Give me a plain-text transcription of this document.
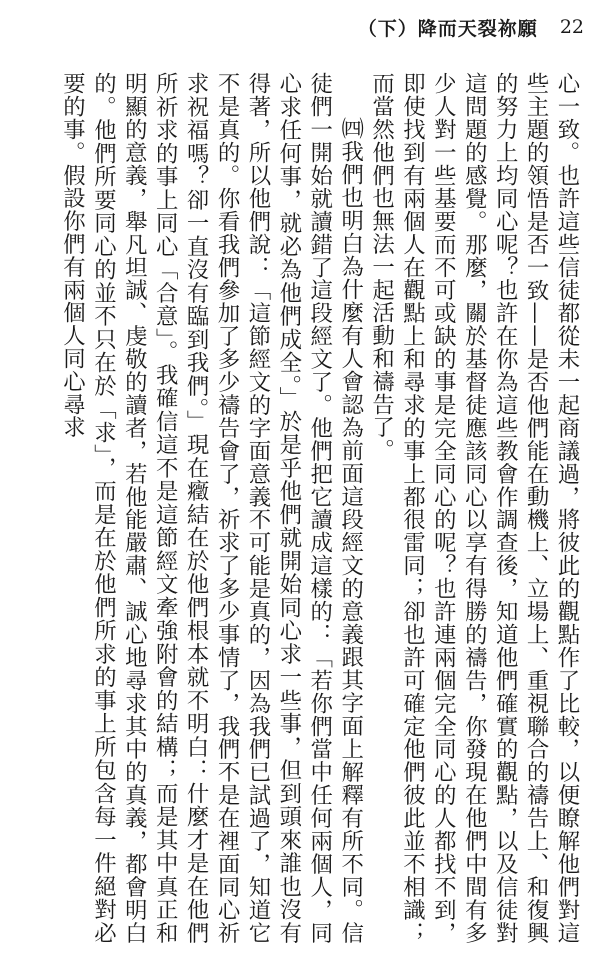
（下）降而天裂祢願 22

心一致。也許這些信徒都從未一起商議過，將彼此的觀點作了比較，以便瞭解他們對這些主題的領悟是否一致——是否他們能在動機上、立場上、重視聯合的禱告上、和復興的努力上均同心呢？也許在你為這些教會作調查後，知道他們確實的觀點，以及信徒對這問題的感覺。那麼，關於基督徒應該同心以享有得勝的禱告，你發現在他們中間有多少人對一些基要而不可或缺的事是完全同心的呢？也許連兩個完全同心的人都找不到，即使找到有兩個人在觀點上和尋求的事上都很雷同；卻也許可確定他們彼此並不相識；而當然他們也無法一起活動和禱告了。

㈣我們也明白為什麼有人會認為前面這段經文的意義跟其字面上解釋有所不同。信徒們一開始就讀錯了這段經文了。他們把它讀成這樣的：「若你們當中任何兩個人，同心求任何事，就必為他們成全。」於是乎他們就開始同心求一些事，但到頭來誰也沒有得著，所以他們說：「這節經文的字面意義不可能是真的，因為我們已試過了，知道它不是真的。你看我們參加了多少禱告會了，祈求了多少事情了，我們不是在裡面同心祈求祝福嗎？卻一直沒有臨到我們。」現在癥結在於他們根本就不明白：什麼才是在他們所祈求的事上同心「合意」。我確信這不是這節經文牽強附會的結構；而是其中真正和明顯的意義，舉凡坦誠、虔敬的讀者，若他能嚴肅、誠心地尋求其中的真義，都會明白的。他們所要同心的並不只在於「求」，而是在於他們所求的事上所包含每一件絕對必要的事。假設你們有兩個人同心尋求
